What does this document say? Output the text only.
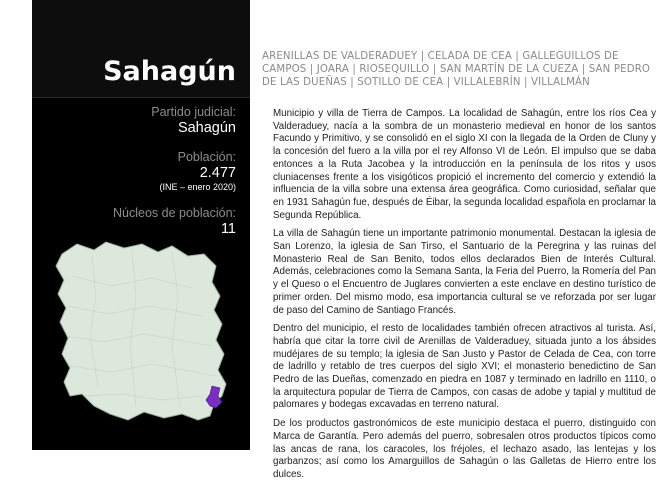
Sahagún
Partido judicial:
Sahagún
Población:
2.477
(INE – enero 2020)
Núcleos de población:
11
ARENILLAS DE VALDERADUEY | CELADA DE CEA | GALLEGUILLOS DE CAMPOS | JOARA | RIOSEQUILLO | SAN MARTÍN DE LA CUEZA | SAN PEDRO DE LAS DUEÑAS | SOTILLO DE CEA | VILLALEBRÍN | VILLALMÁN

Municipio y villa de Tierra de Campos. La localidad de Sahagún, entre los ríos Cea y Valderaduey, nacía a la sombra de un monasterio medieval en honor de los santos Facundo y Primitivo, y se consolidó en el siglo XI con la llegada de la Orden de Cluny y la concesión del fuero a la villa por el rey Alfonso VI de León. El impulso que se daba entonces a la Ruta Jacobea y la introducción en la península de los ritos y usos cluniacenses frente a los visigóticos propició el incremento del comercio y extendió la influencia de la villa sobre una extensa área geográfica. Como curiosidad, señalar que en 1931 Sahagún fue, después de Éibar, la segunda localidad española en proclamar la Segunda República.

La villa de Sahagún tiene un importante patrimonio monumental. Destacan la iglesia de San Lorenzo, la iglesia de San Tirso, el Santuario de la Peregrina y las ruinas del Monasterio Real de San Benito, todos ellos declarados Bien de Interés Cultural. Además, celebraciones como la Semana Santa, la Feria del Puerro, la Romería del Pan y el Queso o el Encuentro de Juglares convierten a este enclave en destino turístico de primer orden. Del mismo modo, esa importancia cultural se ve reforzada por ser lugar de paso del Camino de Santiago Francés.

Dentro del municipio, el resto de localidades también ofrecen atractivos al turista. Así, habría que citar la torre civil de Arenillas de Valderaduey, situada junto a los ábsides mudéjares de su templo; la iglesia de San Justo y Pastor de Celada de Cea, con torre de ladrillo y retablo de tres cuerpos del siglo XVI; el monasterio benedictino de San Pedro de las Dueñas, comenzado en piedra en 1087 y terminado en ladrillo en 1110, o la arquitectura popular de Tierra de Campos, con casas de adobe y tapial y multitud de palomares y bodegas excavadas en terreno natural.

De los productos gastronómicos de este municipio destaca el puerro, distinguido con Marca de Garantía. Pero además del puerro, sobresalen otros productos típicos como las ancas de rana, los caracoles, los fréjoles, el lechazo asado, las lentejas y los garbanzos; así como los Amarguillos de Sahagún o las Galletas de Hierro entre los dulces.
